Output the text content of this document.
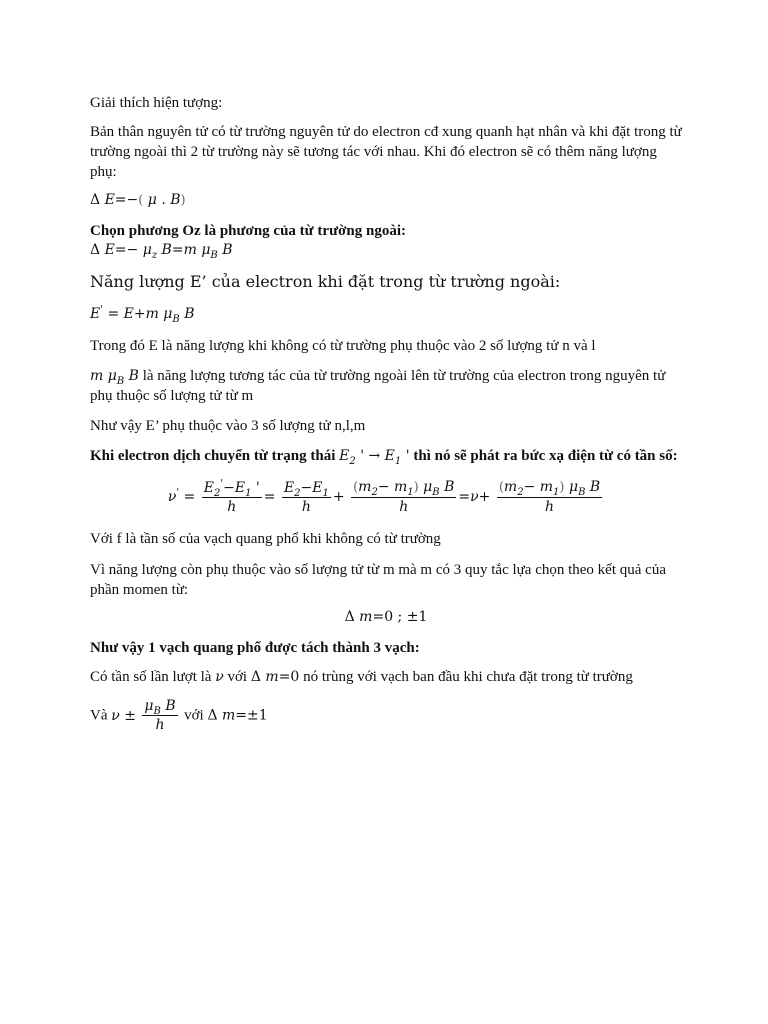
Giải thích hiện tượng:
Bản thân nguyên tử có từ trường nguyên tử do electron cđ xung quanh hạt nhân và khi đặt trong từ trường ngoài thì 2 từ trường này sẽ tương tác với nhau. Khi đó electron sẽ có thêm năng lượng phụ:
Δ E=−( μ . B)
Chọn phương Oz là phương của từ trường ngoài:
Δ $E=- \mu_z$ B=m $\mu_B$ B
Năng lượng E’ của electron khi đặt trong từ trường ngoài:
E' = E+m $\mu_B$ B
Trong đó E là năng lượng khi không có từ trường phụ thuộc vào 2 số lượng tử n và l
m $\mu_B$ B là năng lượng tương tác của từ trường ngoài lên từ trường của electron trong nguyên tử phụ thuộc số lượng tử từ m
Như vậy E’ phụ thuộc vào 3 số lượng tử n,l,m
Khi electron dịch chuyển từ trạng thái $E_2$ ' → $E_1$ ' thì nó sẽ phát ra bức xạ điện từ có tần số:
$\nu' = \frac{E_2'-E_1 '}{h} = \frac{E_2-E_1}{h} + \frac{(m_2- m_1) \mu_B B}{h} =\nu+ \frac{(m_2- m_1) \mu_B B}{h}$
Với f là tần số của vạch quang phổ khi không có từ trường
Vì năng lượng còn phụ thuộc vào số lượng tử từ m mà m có 3 quy tắc lựa chọn theo kết quả của phần momen từ:
Δ m=0 ; ±1
Như vậy 1 vạch quang phổ được tách thành 3 vạch:
Có tần số lần lượt là ν với Δ m=0 nó trùng với vạch ban đầu khi chưa đặt trong từ trường
Và $\nu \pm \frac{\mu_B B}{h}$ với Δ m=±1
